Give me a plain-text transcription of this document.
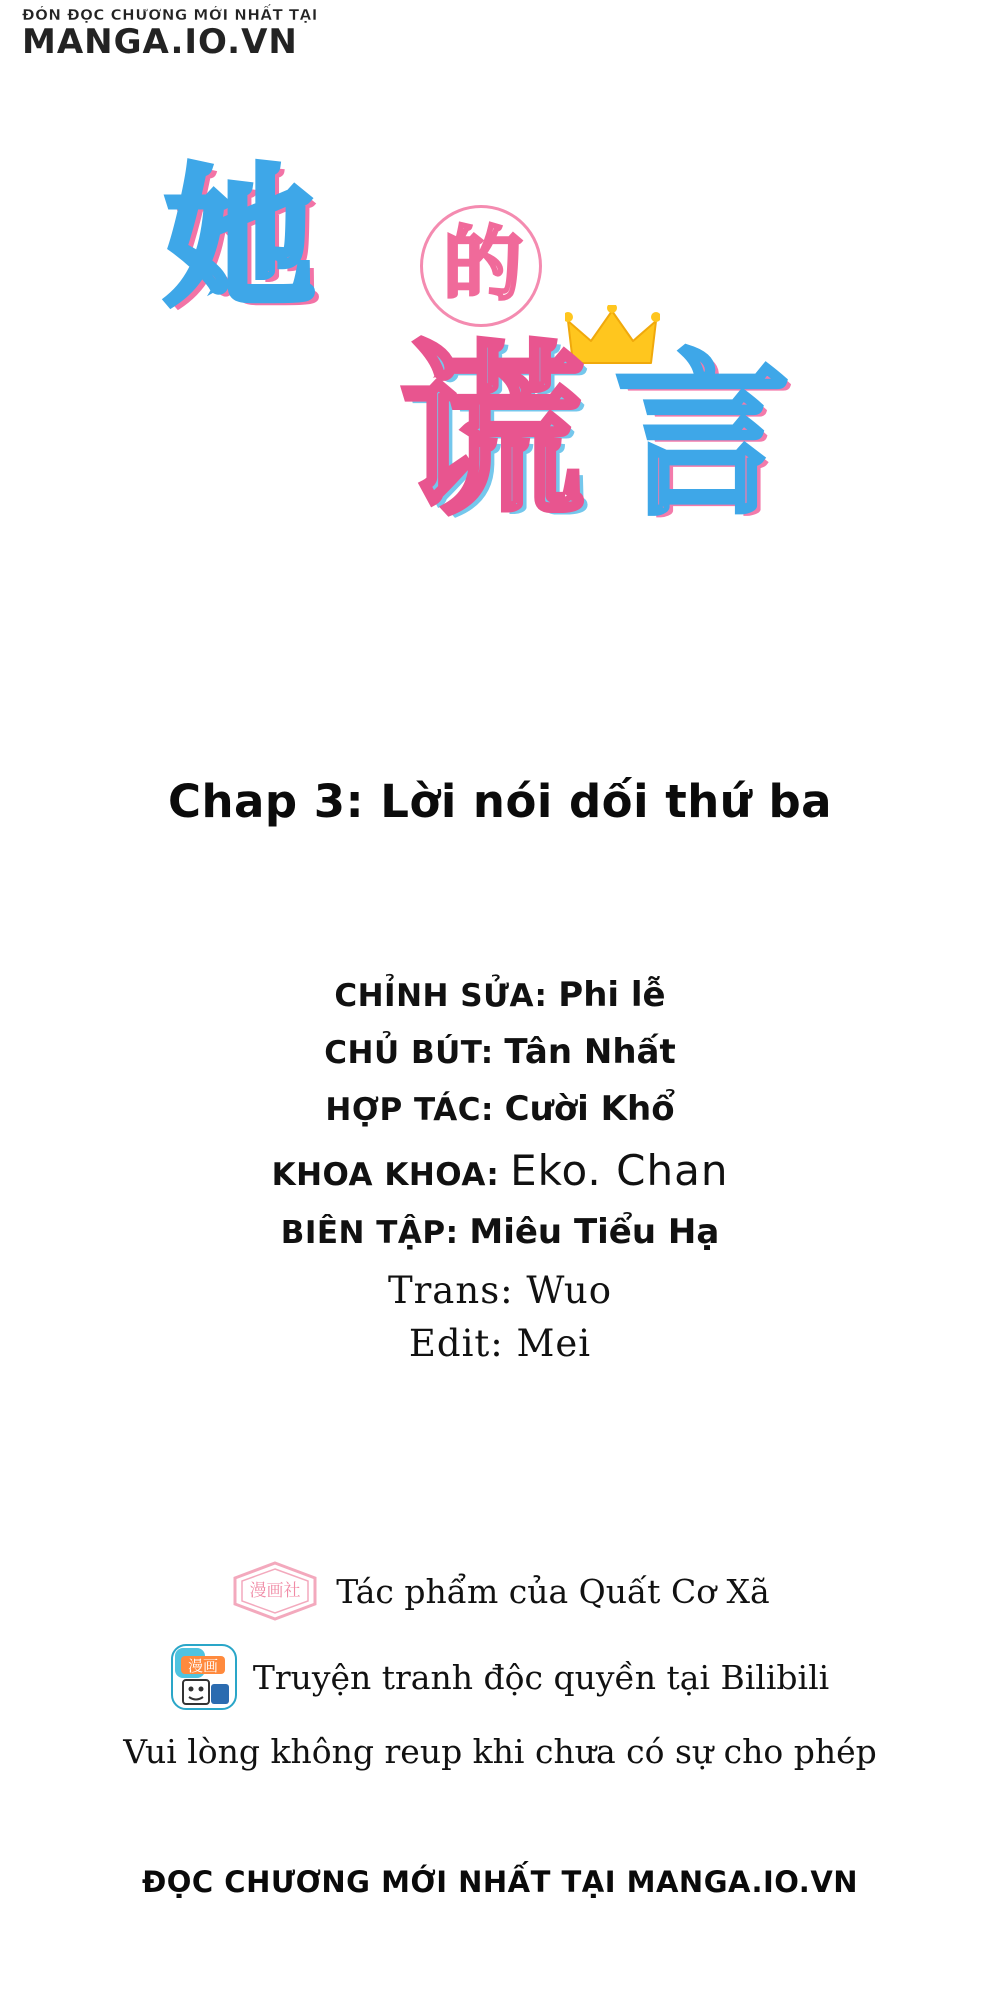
ĐÓN ĐỌC CHƯƠNG MỚI NHẤT TẠI
MANGA.IO.VN
她 的
谎 言
Chap 3: Lời nói dối thứ ba
CHỈNH SỬA: Phi lễ
CHỦ BÚT: Tân Nhất
HỢP TÁC: Cười Khổ
KHOA KHOA: Eko. Chan
BIÊN TẬP: Miêu Tiểu Hạ
Trans: Wuo
Edit: Mei
漫画社 Tác phẩm của Quất Cơ Xã
漫画 Truyện tranh độc quyền tại Bilibili
Vui lòng không reup khi chưa có sự cho phép
ĐỌC CHƯƠNG MỚI NHẤT TẠI MANGA.IO.VN
